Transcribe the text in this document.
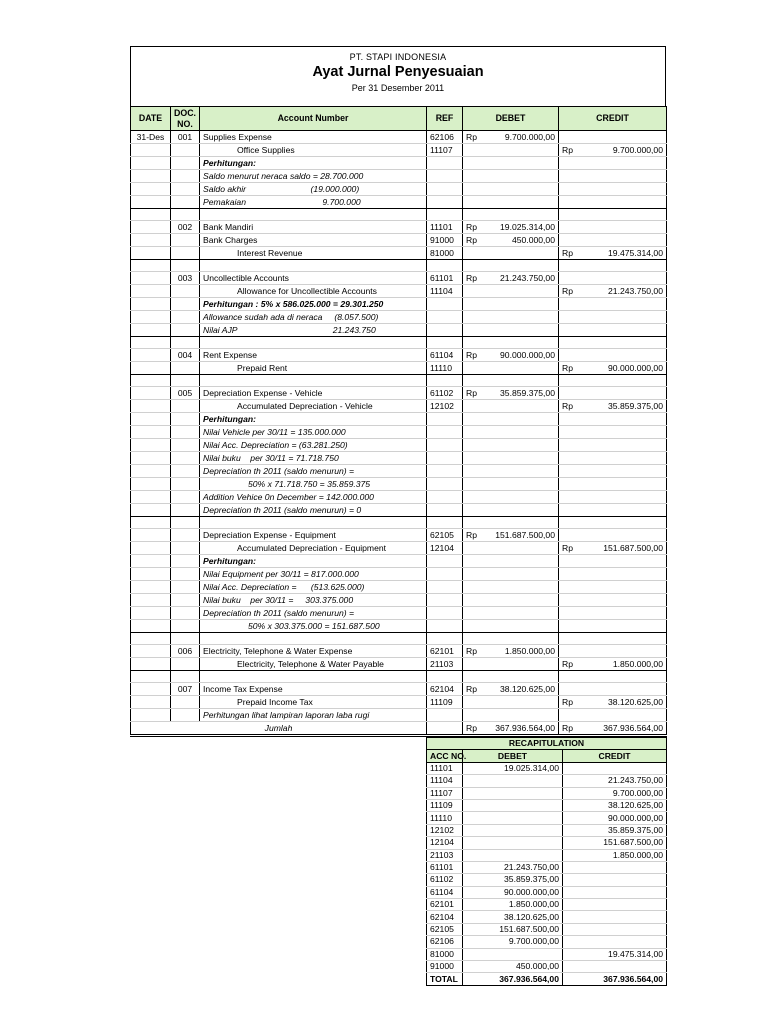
PT. STAPI INDONESIA
Ayat Jurnal Penyesuaian
Per 31 Desember 2011
DATE	DOC.
NO.	Account Number	REF	DEBET	CREDIT
31-Des	001	Supplies Expense	62106	Rp 9.700.000,00	

		Office Supplies	11107		Rp 9.700.000,00

		Perhitungan:		

		Saldo menurut neraca saldo = 28.700.000		

		Saldo akhir                           (19.000.000)		

		Pemakaian                                9.700.000		

	002	Bank Mandiri	11101	Rp 19.025.314,00	

		Bank Charges	91000	Rp 450.000,00	

		Interest Revenue	81000		Rp 19.475.314,00

	003	Uncollectible Accounts	61101	Rp 21.243.750,00	

		Allowance for Uncollectible Accounts	11104		Rp 21.243.750,00

		Perhitungan : 5% x 586.025.000 = 29.301.250		

		Allowance sudah ada di neraca     (8.057.500)		

		Nilai AJP                                        21.243.750		

	004	Rent Expense	61104	Rp 90.000.000,00	

		Prepaid Rent	11110		Rp 90.000.000,00

	005	Depreciation Expense - Vehicle	61102	Rp 35.859.375,00	

		Accumulated Depreciation - Vehicle	12102		Rp 35.859.375,00

		Perhitungan:		

		Nilai Vehicle per 30/11 = 135.000.000		

		Nilai Acc. Depreciation = (63.281.250)		

		Nilai buku    per 30/11 = 71.718.750		

		Depreciation th 2011 (saldo menurun) =		

		50% x 71.718.750 = 35.859.375		

		Addition Vehice 0n December = 142.000.000		

		Depreciation th 2011 (saldo menurun) = 0		

		Depreciation Expense - Equipment	62105	Rp 151.687.500,00	

		Accumulated Depreciation - Equipment	12104		Rp 151.687.500,00

		Perhitungan:		

		Nilai Equipment per 30/11 = 817.000.000		

		Nilai Acc. Depreciation =      (513.625.000)		

		Nilai buku    per 30/11 =     303.375.000		

		Depreciation th 2011 (saldo menurun) =		

		50% x 303.375.000 = 151.687.500		

	006	Electricity, Telephone & Water Expense	62101	Rp 1.850.000,00	

		Electricity, Telephone & Water Payable	21103		Rp 1.850.000,00

	007	Income Tax Expense	62104	Rp 38.120.625,00	

		Prepaid Income Tax	11109		Rp 38.120.625,00

		Perhitungan lihat lampiran laporan laba rugi		

Jumlah				Rp 367.936.564,00	Rp 367.936.564,00
RECAPITULATION		
ACC NO.	DEBET	CREDIT
11101	19.025.314,00	
11104		21.243.750,00
11107		9.700.000,00
11109		38.120.625,00
11110		90.000.000,00
12102		35.859.375,00
12104		151.687.500,00
21103		1.850.000,00
61101	21.243.750,00	
61102	35.859.375,00	
61104	90.000.000,00	
62101	1.850.000,00	
62104	38.120.625,00	
62105	151.687.500,00	
62106	9.700.000,00	
81000		19.475.314,00
91000	450.000,00	
TOTAL	367.936.564,00	367.936.564,00
